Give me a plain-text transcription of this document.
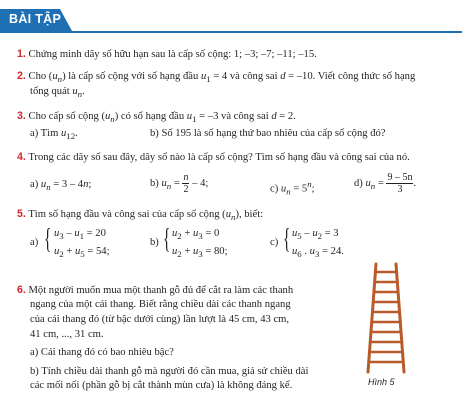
BÀI TẬP
1. Chứng minh dãy số hữu hạn sau là cấp số cộng: 1; –3; –7; –11; –15.
2. Cho $(u_n)$ là cấp số cộng với số hạng đầu $u_1 = 4$ và công sai d = –10. Viết công thức số hạng
tổng quát $u_n$.
3. Cho cấp số cộng $(u_n)$ có số hạng đầu $u_1 = -3$ và công sai d = 2.
a) Tìm $u_{12}$.	b) Số 195 là số hạng thứ bao nhiêu của cấp số cộng đó?
4. Trong các dãy số sau đây, dãy số nào là cấp số cộng? Tìm số hạng đầu và công sai của nó.
a) $u_n = 3 - 4n$;	b) $u_n = \frac{n}{2} - 4$;
c) $u_n = 5^n$;
d) $u_n = \frac{9 - 5n}{3}$ .
5. Tìm số hạng đầu và công sai của cấp số cộng $(u_n)$, biết:
a) { $u_3 - u_1 = 20$
$u_2 + u_5 = 54$;
b) { $u_2 + u_3 = 0$
$u_2 + u_3 = 80$;
c) { $u_5 - u_2 = 3$
$u_6$ . $u_3 = 24$.
6. Một người muốn mua một thanh gỗ đủ để cắt ra làm các thanh
ngang của một cái thang. Biết rằng chiều dài các thanh ngang
của cái thang đó (từ bậc dưới cùng) lần lượt là 45 cm, 43 cm,
41 cm, ..., 31 cm.
a) Cái thang đó có bao nhiêu bậc?
b) Tính chiều dài thanh gỗ mà người đó cần mua, giả sử chiều dài
các mối nối (phần gỗ bị cắt thành mùn cưa) là không đáng kể.	Hình 5
